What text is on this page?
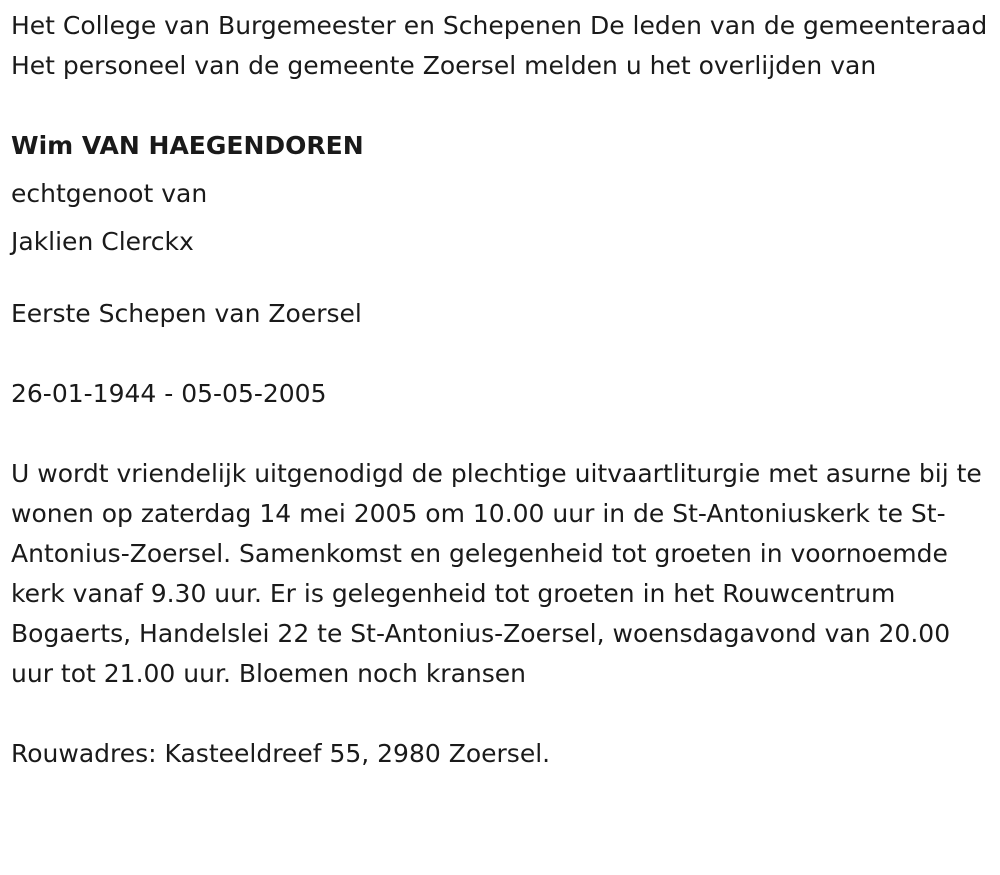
Het College van Burgemeester en Schepenen De leden van de gemeenteraad Het personeel van de gemeente Zoersel melden u het overlijden van

Wim VAN HAEGENDOREN

echtgenoot van

Jaklien Clerckx

Eerste Schepen van Zoersel

26-01-1944 - 05-05-2005

U wordt vriendelijk uitgenodigd de plechtige uitvaartliturgie met asurne bij te wonen op zaterdag 14 mei 2005 om 10.00 uur in de St-Antoniuskerk te St-Antonius-Zoersel. Samenkomst en gelegenheid tot groeten in voornoemde kerk vanaf 9.30 uur. Er is gelegenheid tot groeten in het Rouwcentrum Bogaerts, Handelslei 22 te St-Antonius-Zoersel, woensdagavond van 20.00 uur tot 21.00 uur. Bloemen noch kransen

Rouwadres: Kasteeldreef 55, 2980 Zoersel.
